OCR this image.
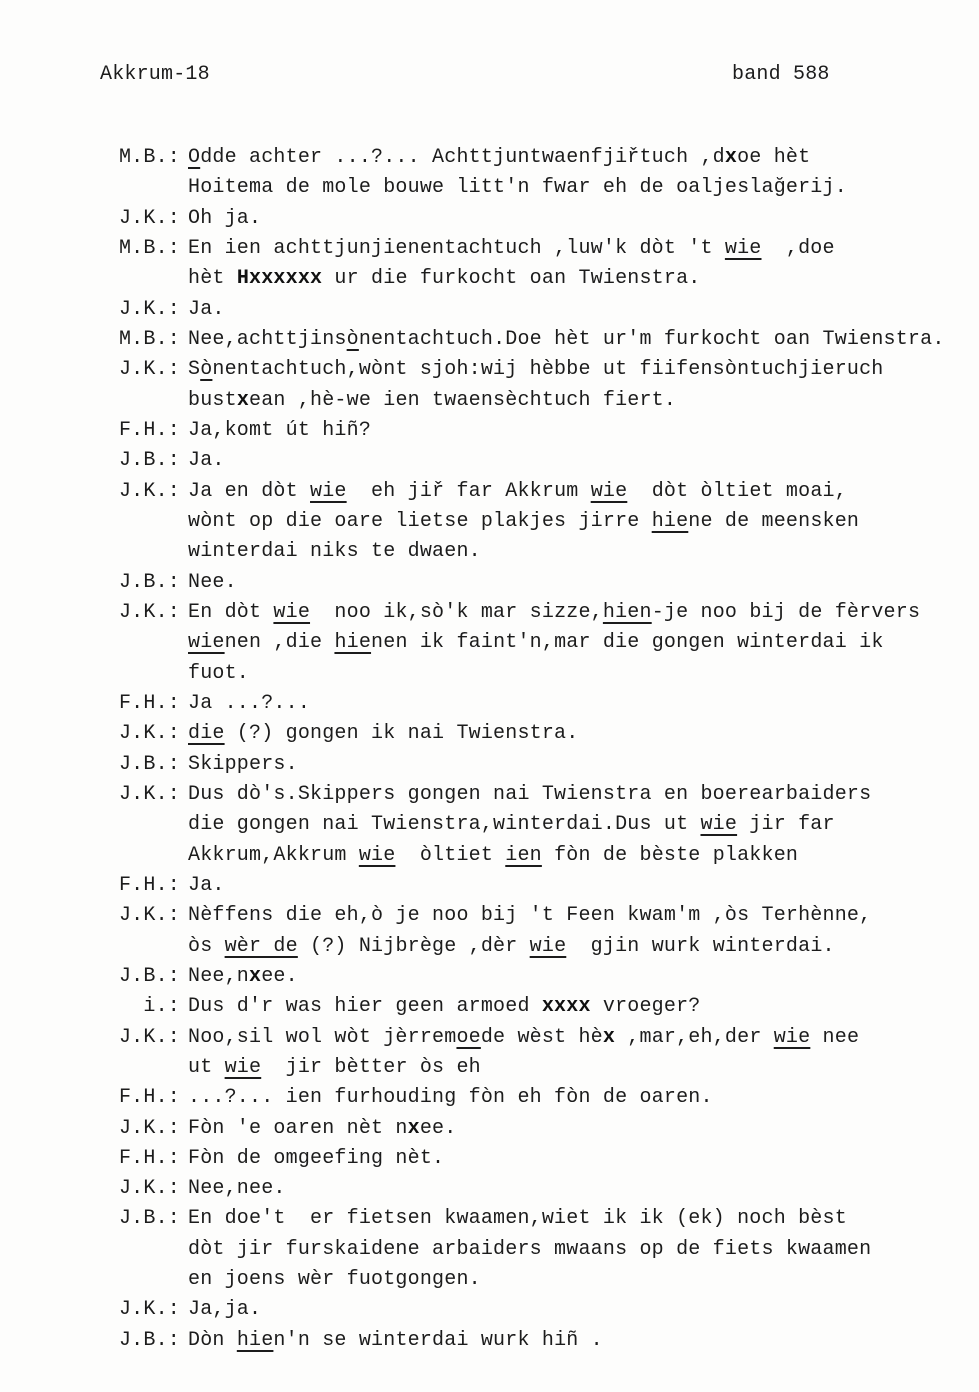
Akkrum-18	band 588
M.B.: Odde achter ...?... Achttjuntwaenfjiřtuch ,dxoe hèt
Hoitema de mole bouwe litt'n fwar eh de oaljeslağerij.
J.K.: Oh ja.
M.B.: En ien achttjunjienentachtuch ,luw'k dòt 't wie  ,doe
hèt Hxxxxxx ur die furkocht oan Twienstra.
J.K.: Ja.
M.B.: Nee,achttjinsònentachtuch.Doe hèt ur'm furkocht oan Twienstra.
J.K.: Sònentachtuch,wònt sjoh:wij hèbbe ut fiifensòntuchjieruch
bustxean ,hè-we ien twaensèchtuch fiert.
F.H.: Ja,komt út hiñ?
J.B.: Ja.
J.K.: Ja en dòt wie  eh jiř far Akkrum wie  dòt òltiet moai,
wònt op die oare lietse plakjes jirre hiene de meensken
winterdai niks te dwaen.
J.B.: Nee.
J.K.: En dòt wie  noo ik,sò'k mar sizze,hien-je noo bij de fèrvers
wienen ,die hienen ik faint'n,mar die gongen winterdai ik
fuot.
F.H.: Ja ...?...
J.K.: die (?) gongen ik nai Twienstra.
J.B.: Skippers.
J.K.: Dus dò's.Skippers gongen nai Twienstra en boerearbaiders
die gongen nai Twienstra,winterdai.Dus ut wie jir far
Akkrum,Akkrum wie  òltiet ien fòn de bèste plakken
F.H.: Ja.
J.K.: Nèffens die eh,ò je noo bij 't Feen kwam'm ,òs Terhènne,
òs wèr de (?) Nijbrège ,dèr wie  gjin wurk winterdai.
J.B.: Nee,nxee.
i.: Dus d'r was hier geen armoed xxxx vroeger?
J.K.: Noo,sil wol wòt jèrremoede wèst hèx ,mar,eh,der wie nee
ut wie  jir bètter òs eh
F.H.: ...?... ien furhouding fòn eh fòn de oaren.
J.K.: Fòn 'e oaren nèt nxee.
F.H.: Fòn de omgeefing nèt.
J.K.: Nee,nee.
J.B.: En doe't  er fietsen kwaamen,wiet ik ik (ek) noch bèst
dòt jir furskaidene arbaiders mwaans op de fiets kwaamen
en joens wèr fuotgongen.
J.K.: Ja,ja.
J.B.: Dòn hien'n se winterdai wurk hiñ .
